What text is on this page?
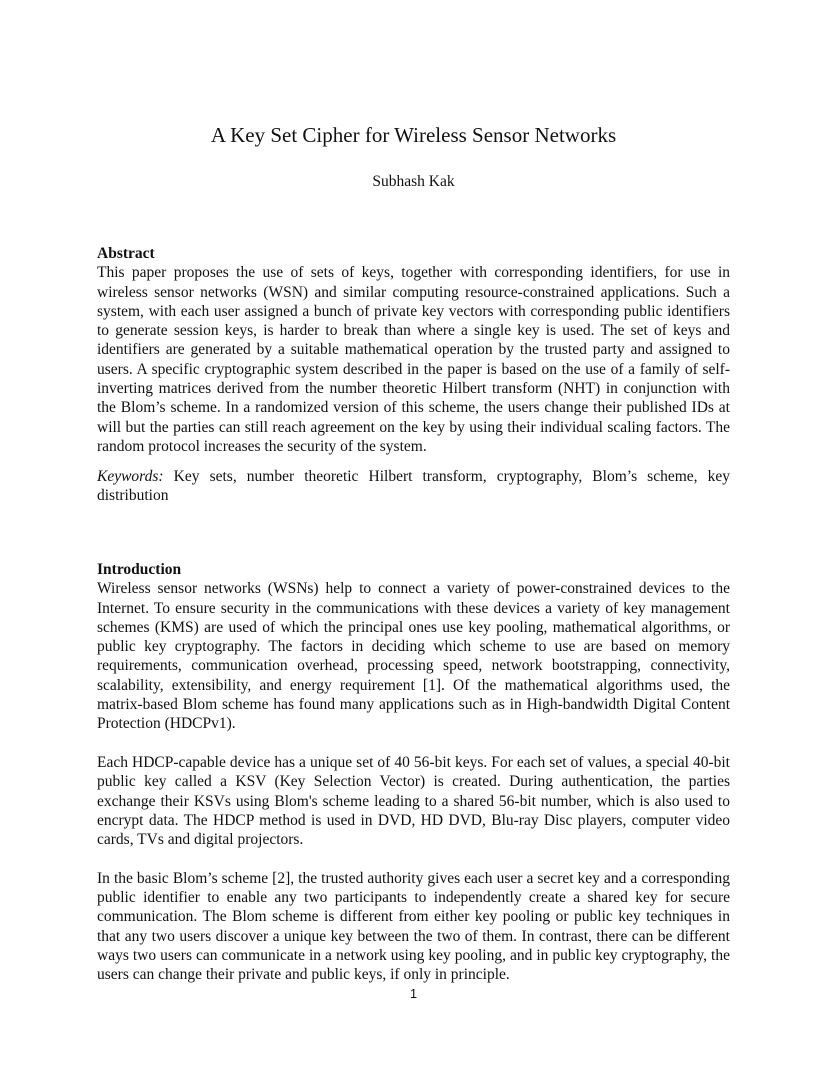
A Key Set Cipher for Wireless Sensor Networks

Subhash Kak

Abstract

This paper proposes the use of sets of keys, together with corresponding identifiers, for use in wireless sensor networks (WSN) and similar computing resource-constrained applications. Such a system, with each user assigned a bunch of private key vectors with corresponding public identifiers to generate session keys, is harder to break than where a single key is used. The set of keys and identifiers are generated by a suitable mathematical operation by the trusted party and assigned to users. A specific cryptographic system described in the paper is based on the use of a family of self-inverting matrices derived from the number theoretic Hilbert transform (NHT) in conjunction with the Blom’s scheme. In a randomized version of this scheme, the users change their published IDs at will but the parties can still reach agreement on the key by using their individual scaling factors. The random protocol increases the security of the system.

Keywords: Key sets, number theoretic Hilbert transform, cryptography, Blom’s scheme, key distribution

Introduction

Wireless sensor networks (WSNs) help to connect a variety of power-constrained devices to the Internet. To ensure security in the communications with these devices a variety of key management schemes (KMS) are used of which the principal ones use key pooling, mathematical algorithms, or public key cryptography. The factors in deciding which scheme to use are based on memory requirements, communication overhead, processing speed, network bootstrapping, connectivity, scalability, extensibility, and energy requirement [1]. Of the mathematical algorithms used, the matrix-based Blom scheme has found many applications such as in High-bandwidth Digital Content Protection (HDCPv1).

Each HDCP-capable device has a unique set of 40 56-bit keys. For each set of values, a special 40-bit public key called a KSV (Key Selection Vector) is created. During authentication, the parties exchange their KSVs using Blom's scheme leading to a shared 56-bit number, which is also used to encrypt data. The HDCP method is used in DVD, HD DVD, Blu-ray Disc players, computer video cards, TVs and digital projectors.

In the basic Blom’s scheme [2], the trusted authority gives each user a secret key and a corresponding public identifier to enable any two participants to independently create a shared key for secure communication. The Blom scheme is different from either key pooling or public key techniques in that any two users discover a unique key between the two of them. In contrast, there can be different ways two users can communicate in a network using key pooling, and in public key cryptography, the users can change their private and public keys, if only in principle.

1
